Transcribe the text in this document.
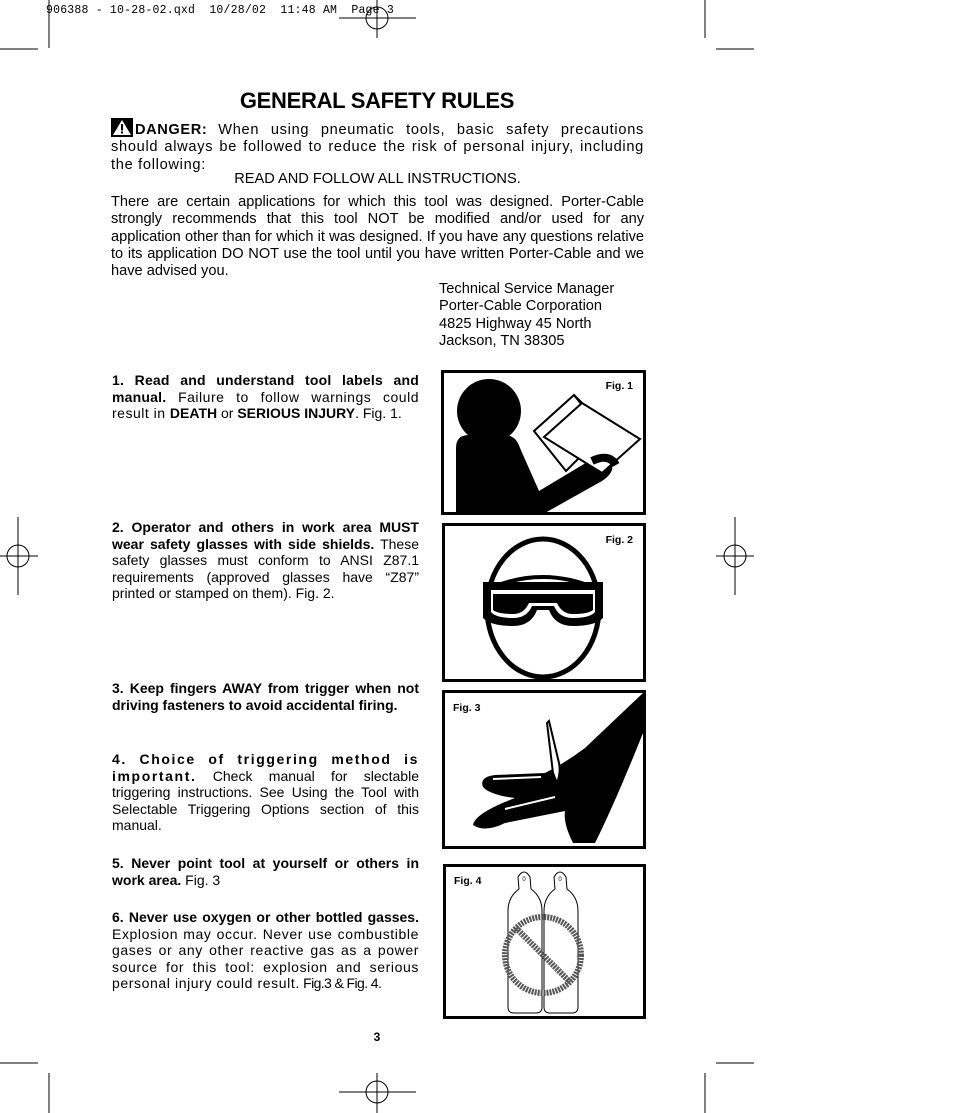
906388 - 10-28-02.qxd  10/28/02  11:48 AM  Page 3
GENERAL SAFETY RULES
DANGER: When using pneumatic tools, basic safety precautions should always be followed to reduce the risk of personal injury, including the following:
READ AND FOLLOW ALL INSTRUCTIONS.
There are certain applications for which this tool was designed. Porter-Cable strongly recommends that this tool NOT be modified and/or used for any application other than for which it was designed. If you have any questions relative to its application DO NOT use the tool until you have written Porter-Cable and we have advised you.
Technical Service Manager
Porter-Cable Corporation
4825 Highway 45 North
Jackson, TN 38305
1. Read and understand tool labels and manual. Failure to follow warnings could result in DEATH or SERIOUS INJURY. Fig. 1.
2. Operator and others in work area MUST wear safety glasses with side shields. These safety glasses must conform to ANSI Z87.1 requirements (approved glasses have “Z87” printed or stamped on them). Fig. 2.
3. Keep fingers AWAY from trigger when not driving fasteners to avoid accidental firing.
4. Choice of triggering method is important. Check manual for slectable triggering instructions. See Using the Tool with Selectable Triggering Options section of this manual.
5. Never point tool at yourself or others in work area. Fig. 3
6. Never use oxygen or other bottled gasses. Explosion may occur. Never use combustible gases or any other reactive gas as a power source for this tool: explosion and serious personal injury could result. Fig.3 & Fig. 4.
Fig. 1
Fig. 2
Fig. 3
Fig. 4	0	0
3
